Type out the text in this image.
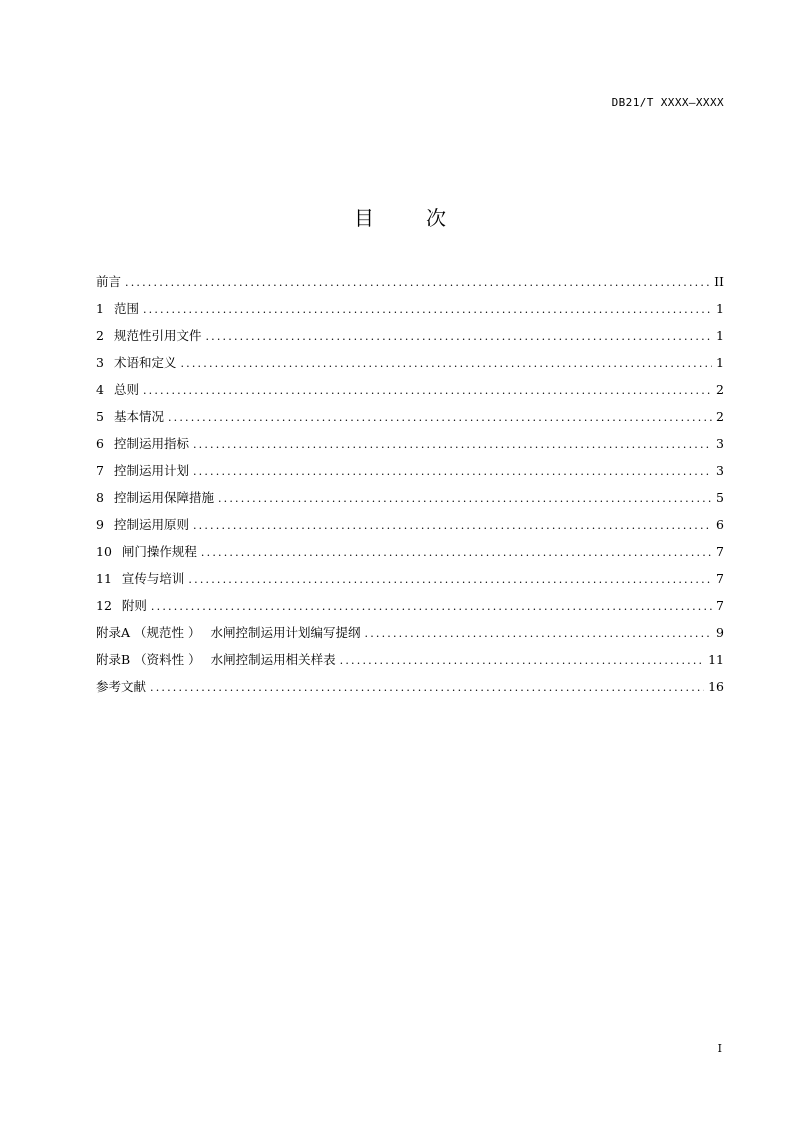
DB21/T XXXX—XXXX
目	次
前言 .....	II
1 范围 .....	1
2 规范性引用文件 .....	1
3 术语和定义 .....	1
4 总则 .....	2
5 基本情况 .....	2
6 控制运用指标 .....	3
7 控制运用计划 .....	3
8 控制运用保障措施 .....	5
9 控制运用原则 .....	6
10 闸门操作规程 .....	7
11 宣传与培训 .....	7
12 附则 .....	7
附录A （规范性 ） 水闸控制运用计划编写提纲 .....	9
附录B （资料性 ） 水闸控制运用相关样表 .....	11
参考文献 .....	16
I
